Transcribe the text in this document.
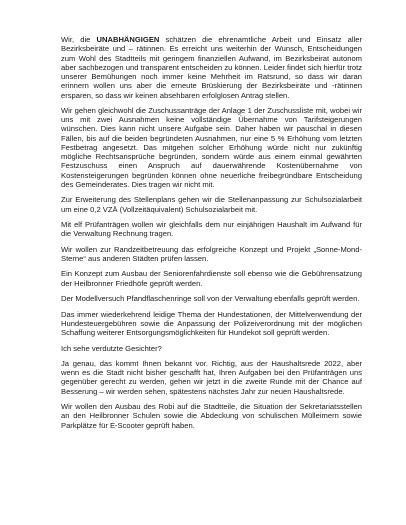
Wir, die UNABHÄNGIGEN schätzen die ehrenamtliche Arbeit und Einsatz aller Bezirksbeiräte und – rätinnen. Es erreicht uns weiterhin der Wunsch, Entscheidungen zum Wohl des Stadtteils mit geringem finanziellen Aufwand, im Bezirksbeirat autonom aber sachbezogen und transparent entscheiden zu können. Leider findet sich hierfür trotz unserer Bemühungen noch immer keine Mehrheit im Ratsrund, so dass wir daran erinnern wollen uns aber die erneute Brüskierung der Bezirksbeiräte und -rätinnen ersparen, so dass wir keinen absehbaren erfolglosen Antrag stellen.

Wir gehen gleichwohl die Zuschussanträge der Anlage 1 der Zuschussliste mit, wobei wir uns mit zwei Ausnahmen keine vollständige Übernahme von Tarifsteigerungen wünschen. Dies kann nicht unsere Aufgabe sein. Daher haben wir pauschal in diesen Fällen, bis auf die beiden begründeten Ausnahmen, nur eine 5 % Erhöhung vom letzten Festbetrag angesetzt. Das mitgehen solcher Erhöhung würde nicht nur zukünftig mögliche Rechtsansprüche begründen, sondern würde aus einem einmal gewährten Festzuschuss einen Anspruch auf dauerwährende Kostenübernahme von Kostensteigerungen begründen können ohne neuerliche freibegründbare Entscheidung des Gemeinderates. Dies tragen wir nicht mit.

Zur Erweiterung des Stellenplans gehen wir die Stellenanpassung zur Schulsozialarbeit um eine 0,2 VZÄ (Vollzeitäquivalent) Schulsozialarbeit mit.

Mit elf Prüfanträgen wollen wir gleichfalls dem nur einjährigen Haushalt im Aufwand für die Verwaltung Rechnung tragen.

Wir wollen zur Randzeitbetreuung das erfolgreiche Konzept und Projekt „Sonne-Mond-Sterne“ aus anderen Städten prüfen lassen.

Ein Konzept zum Ausbau der Seniorenfahrdienste soll ebenso wie die Gebührensatzung der Heilbronner Friedhöfe geprüft werden.

Der Modellversuch Pfandflaschenringe soll von der Verwaltung ebenfalls geprüft werden.

Das immer wiederkehrend leidige Thema der Hundestationen, der Mittelverwendung der Hundesteuergebühren sowie die Anpassung der Polizeiverordnung mit der möglichen Schaffung weiterer Entsorgungsmöglichkeiten für Hundekot soll geprüft werden.

Ich sehe verdutzte Gesichter?

Ja genau, das kommt Ihnen bekannt vor. Richtig, aus der Haushaltsrede 2022, aber wenn es die Stadt nicht bisher geschafft hat, Ihren Aufgaben bei den Prüfanträgen uns gegenüber gerecht zu werden, gehen wir jetzt in die zweite Runde mit der Chance auf Besserung – wir werden sehen, spätestens nächstes Jahr zur neuen Haushaltsrede.

Wir wollen den Ausbau des Robi auf die Stadtteile, die Situation der Sekretariatsstellen an den Heilbronner Schulen sowie die Abdeckung von schulischen Mülleimern sowie Parkplätze für E-Scooter geprüft haben.
